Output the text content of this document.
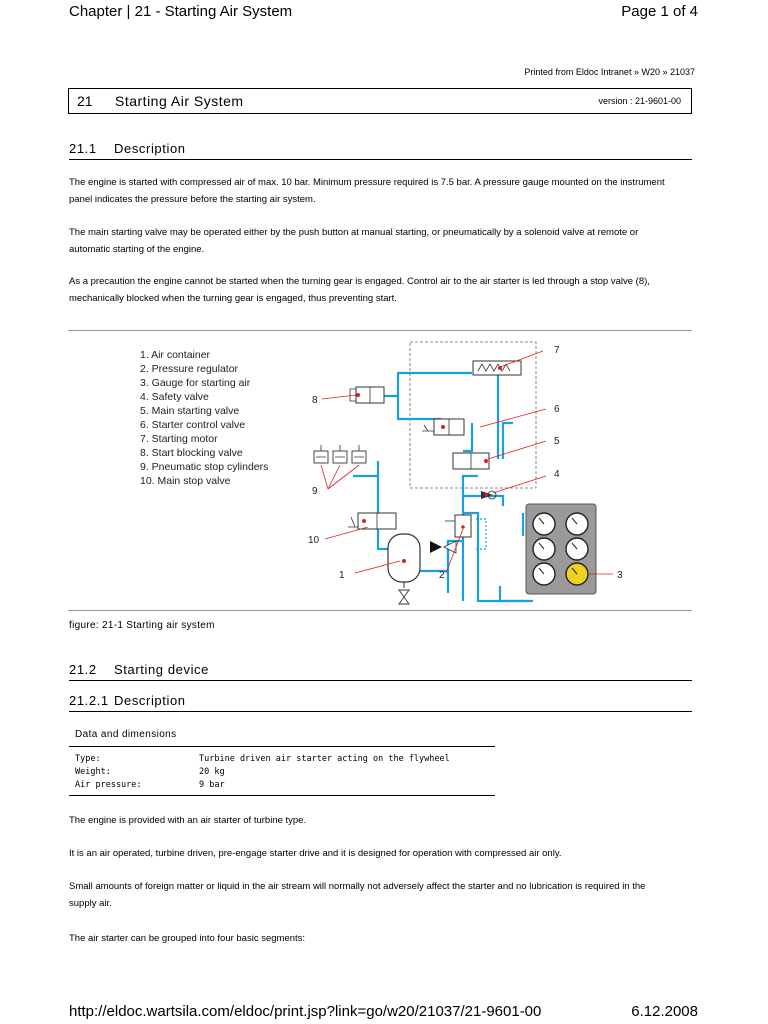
Chapter | 21 - Starting Air System	Page 1 of 4
Printed from Eldoc Intranet » W20 » 21037
21	Starting Air System	version : 21-9601-00
21.1 Description
The engine is started with compressed air of max. 10 bar. Minimum pressure required is 7.5 bar. A pressure gauge mounted on the instrument panel indicates the pressure before the starting air system.
The main starting valve may be operated either by the push button at manual starting, or pneumatically by a solenoid valve at remote or automatic starting of the engine.
As a precaution the engine cannot be started when the turning gear is engaged. Control air to the air starter is led through a stop valve (8), mechanically blocked when the turning gear is engaged, thus preventing start.
1. Air container
2. Pressure regulator
3. Gauge for starting air
4. Safety valve
5. Main starting valve
6. Starter control valve
7. Starting motor
8. Start blocking valve
9. Pneumatic stop cylinders
10. Main stop valve
7
8
6
5
4
9
10
1	2	3
figure: 21-1 Starting air system
21.2 Starting device
21.2.1 Description
Data and dimensions
Type:	Turbine driven air starter acting on the flywheel
Weight:	20 kg
Air pressure:	9 bar
The engine is provided with an air starter of turbine type.
It is an air operated, turbine driven, pre-engage starter drive and it is designed for operation with compressed air only.
Small amounts of foreign matter or liquid in the air stream will normally not adversely affect the starter and no lubrication is required in the supply air.
The air starter can be grouped into four basic segments:
http://eldoc.wartsila.com/eldoc/print.jsp?link=go/w20/21037/21-9601-00	6.12.2008
